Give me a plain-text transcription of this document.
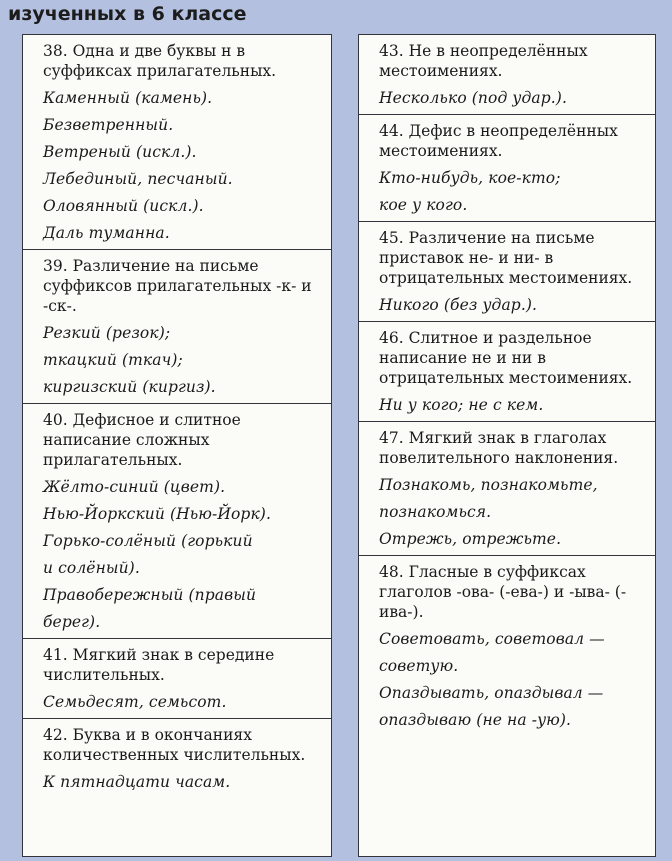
изученных в 6 классе

38. Одна и две буквы н в суффиксах прилагательных.

Каменный (камень).

Безветренный.

Ветреный (искл.).

Лебединый, песчаный.

Оловянный (искл.).

Даль туманна.

39. Различение на письме суффиксов прилагательных -к- и -ск-.

Резкий (резок);

ткацкий (ткач);

киргизский (киргиз).

40. Дефисное и слитное написание сложных прилагательных.

Жёлто-синий (цвет).

Нью-Йоркский (Нью-Йорк).

Горько-солёный (горький

и солёный).

Правобережный (правый

берег).

41. Мягкий знак в середине числительных.

Семьдесят, семьсот.

42. Буква и в окончаниях количественных числительных.

К пятнадцати часам.

43. Не в неопределённых местоимениях.

Несколько (под удар.).

44. Дефис в неопределённых местоимениях.

Кто-нибудь, кое-кто;

кое у кого.

45. Различение на письме приставок не- и ни- в отрицательных местоимениях.

Никого (без удар.).

46. Слитное и раздельное написание не и ни в отрицательных местоимениях.

Ни у кого; не с кем.

47. Мягкий знак в глаголах повелительного наклонения.

Познакомь, познакомьте,

познакомься.

Отрежь, отрежьте.

48. Гласные в суффиксах глаголов -ова- (-ева-) и -ыва- (-ива-).

Советовать, советовал —

советую.

Опаздывать, опаздывал —

опаздываю (не на -ую).
